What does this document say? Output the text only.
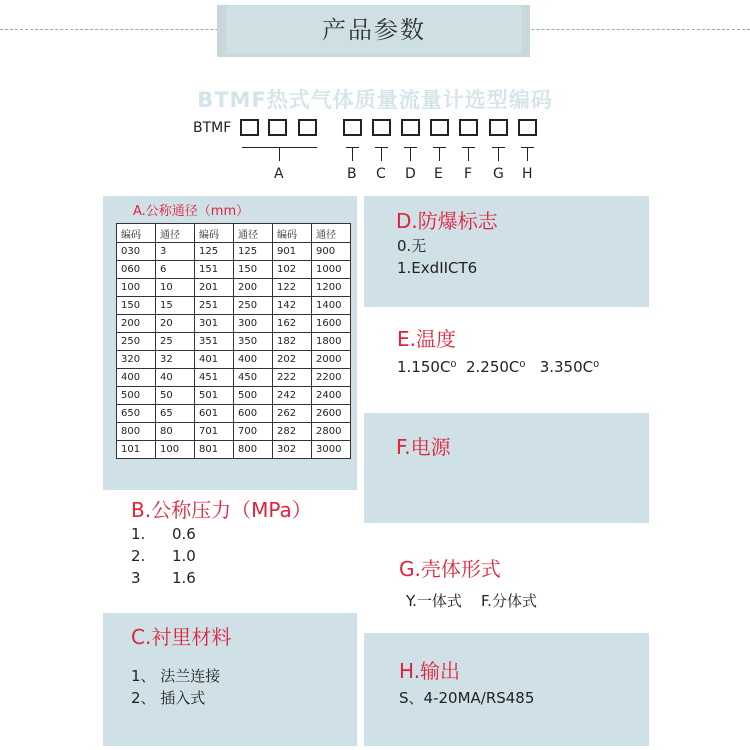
产品参数
BTMF热式气体质量流量计选型编码
BTMF
A	B C D E F G H
A.公称通径（mm）
编码	通径	编码	通径	编码	通径
030	3	125	125	901	900
060	6	151	150	102	1000
100	10	201	200	122	1200
150	15	251	250	142	1400
200	20	301	300	162	1600
250	25	351	350	182	1800
320	32	401	400	202	2000
400	40	451	450	222	2200
500	50	501	500	242	2400
650	65	601	600	262	2600
800	80	701	700	282	2800
101	100	801	800	302	3000
B.公称压力（MPa）
1. 0.6
2. 1.0
3 1.6
C.衬里材料
1、 法兰连接
2、 插入式
D.防爆标志
0.无
1.ExdIICT6
E.温度
1.150C⁰  2.250C⁰   3.350C⁰
F.电源
G.壳体形式
Y.一体式    F.分体式
H.输出
S、4-20MA/RS485
